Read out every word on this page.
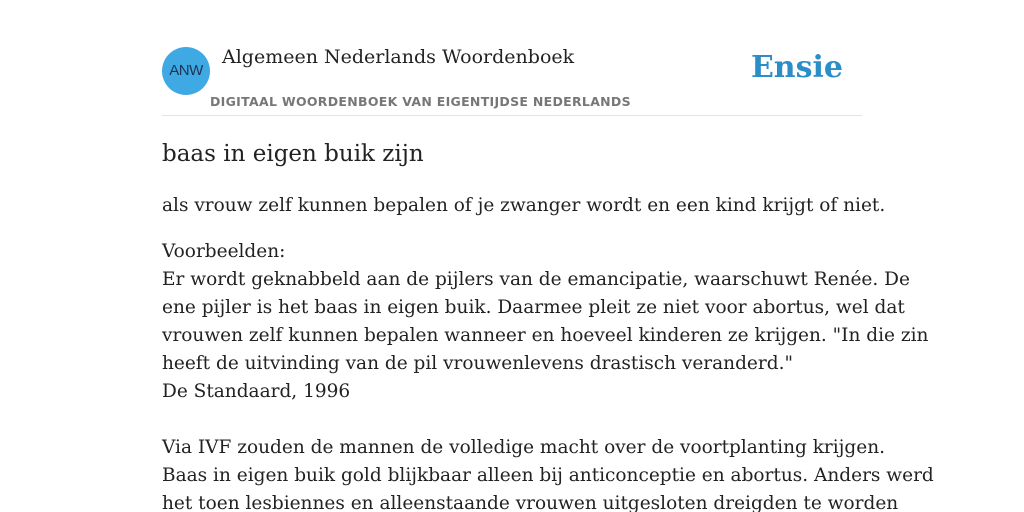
ANW
Algemeen Nederlands Woordenboek
DIGITAAL WOORDENBOEK VAN EIGENTIJDSE NEDERLANDS
Ensie
baas in eigen buik zijn

als vrouw zelf kunnen bepalen of je zwanger wordt en een kind krijgt of niet.

Voorbeelden:
Er wordt geknabbeld aan de pijlers van de emancipatie, waarschuwt Renée. De
ene pijler is het baas in eigen buik. Daarmee pleit ze niet voor abortus, wel dat
vrouwen zelf kunnen bepalen wanneer en hoeveel kinderen ze krijgen. "In die zin
heeft de uitvinding van de pil vrouwenlevens drastisch veranderd."
De Standaard, 1996
Via IVF zouden de mannen de volledige macht over de voortplanting krijgen.
Baas in eigen buik gold blijkbaar alleen bij anticonceptie en abortus. Anders werd
het toen lesbiennes en alleenstaande vrouwen uitgesloten dreigden te worden
